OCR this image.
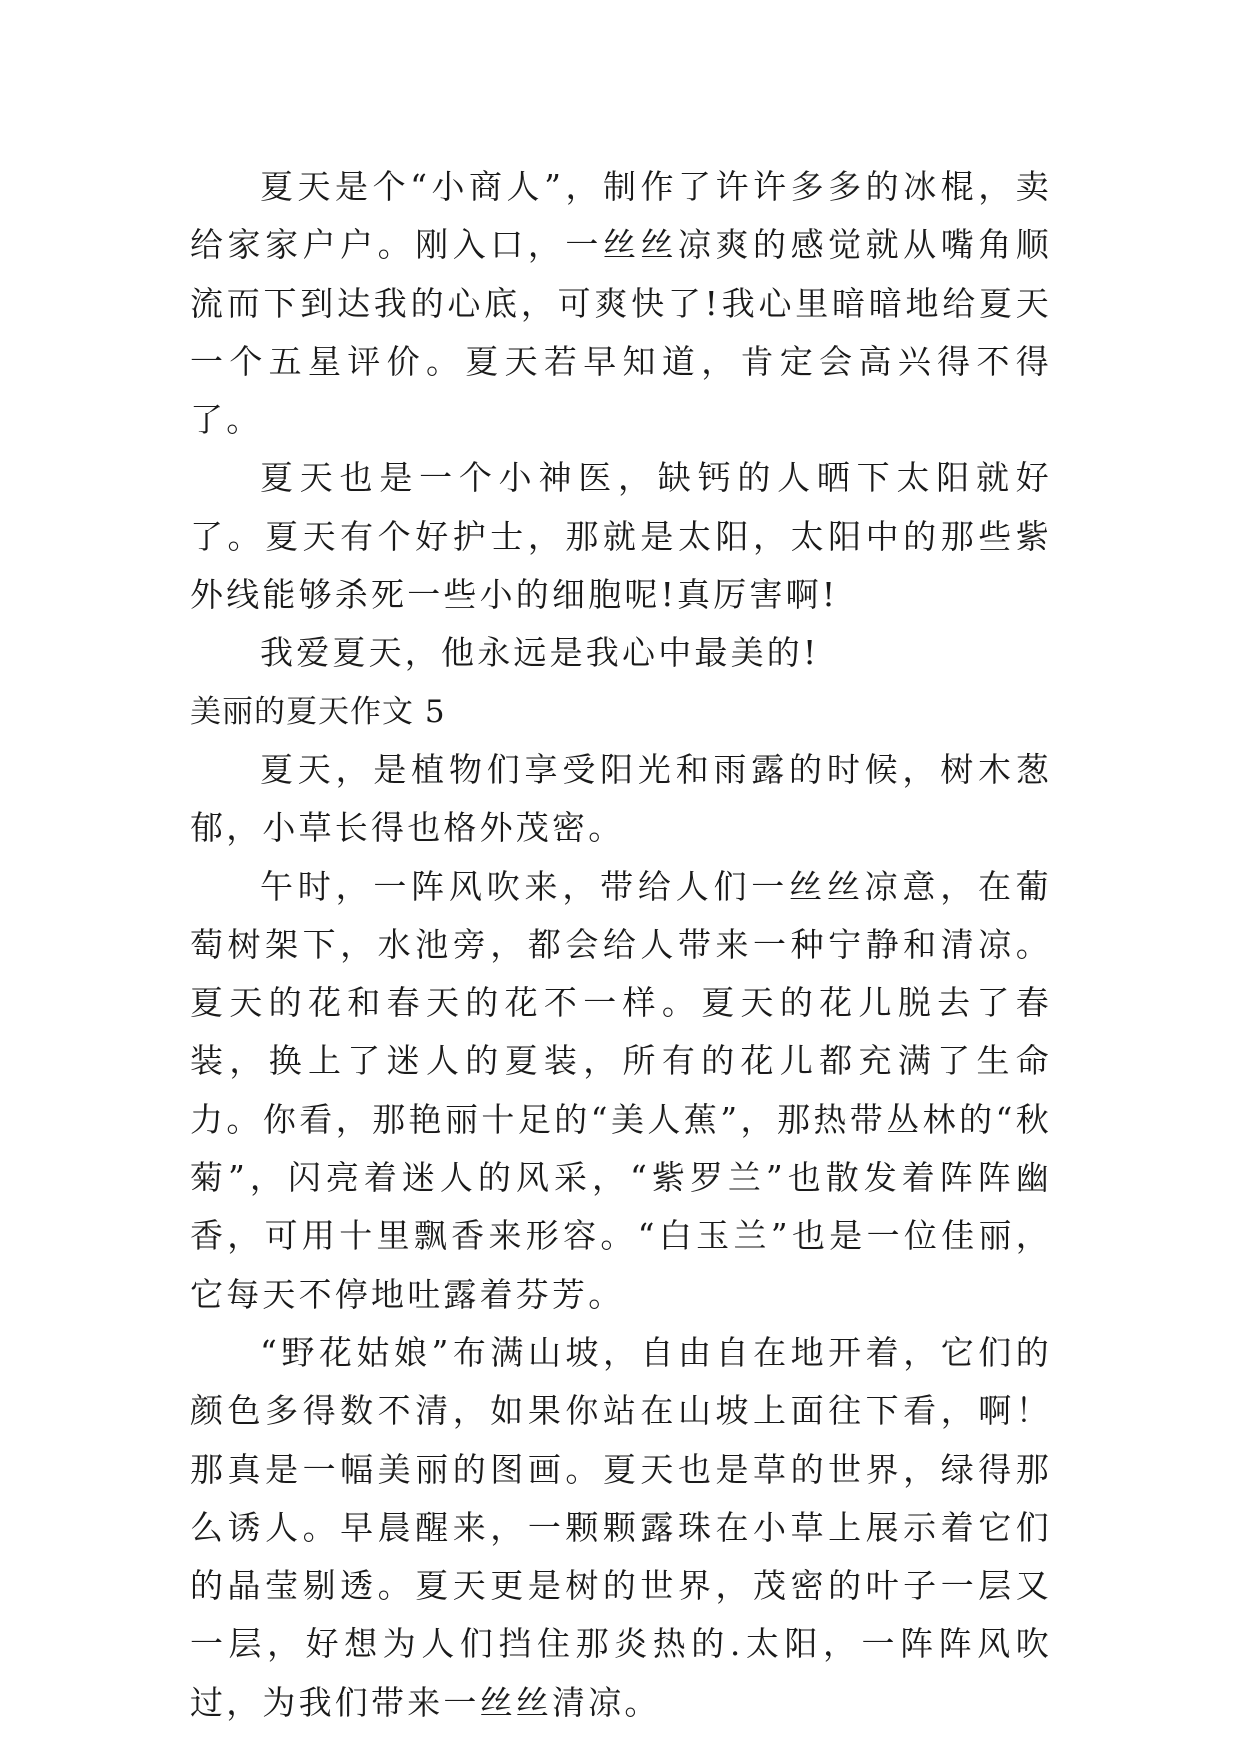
夏天是个“小商人”，制作了许许多多的冰棍，卖给家家户户。刚入口，一丝丝凉爽的感觉就从嘴角顺流而下到达我的心底，可爽快了!我心里暗暗地给夏天一个五星评价。夏天若早知道，肯定会高兴得不得了。

夏天也是一个小神医，缺钙的人晒下太阳就好了。夏天有个好护士，那就是太阳，太阳中的那些紫外线能够杀死一些小的细胞呢!真厉害啊!

我爱夏天，他永远是我心中最美的!

美丽的夏天作文 5

夏天，是植物们享受阳光和雨露的时候，树木葱郁，小草长得也格外茂密。

午时，一阵风吹来，带给人们一丝丝凉意，在葡萄树架下，水池旁，都会给人带来一种宁静和清凉。夏天的花和春天的花不一样。夏天的花儿脱去了春装，换上了迷人的夏装，所有的花儿都充满了生命力。你看，那艳丽十足的“美人蕉”，那热带丛林的“秋菊”，闪亮着迷人的风采，“紫罗兰”也散发着阵阵幽香，可用十里飘香来形容。“白玉兰”也是一位佳丽，它每天不停地吐露着芬芳。

“野花姑娘”布满山坡，自由自在地开着，它们的颜色多得数不清，如果你站在山坡上面往下看，啊！那真是一幅美丽的图画。夏天也是草的世界，绿得那么诱人。早晨醒来，一颗颗露珠在小草上展示着它们的晶莹剔透。夏天更是树的世界，茂密的叶子一层又一层，好想为人们挡住那炎热的.太阳，一阵阵风吹过，为我们带来一丝丝清凉。
